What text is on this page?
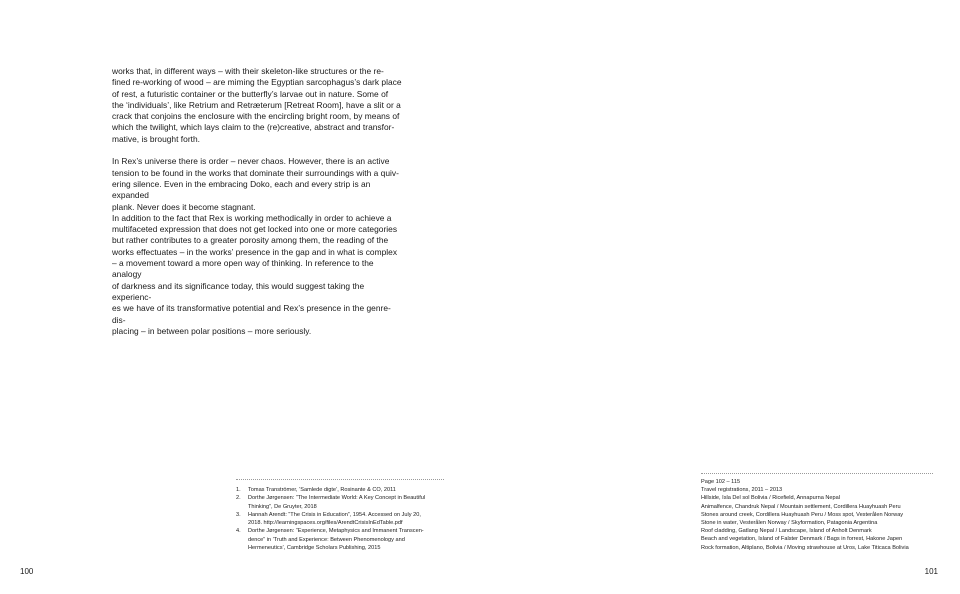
works that, in different ways – with their skeleton-like structures or the re-
fined re-working of wood – are miming the Egyptian sarcophagus’s dark place
of rest, a futuristic container or the butterfly’s larvae out in nature. Some of
the ‘individuals’, like Retrium and Retræterum [Retreat Room], have a slit or a
crack that conjoins the enclosure with the encircling bright room, by means of
which the twilight, which lays claim to the (re)creative, abstract and transfor-
mative, is brought forth.

In Rex’s universe there is order – never chaos. However, there is an active
tension to be found in the works that dominate their surroundings with a quiv-
ering silence. Even in the embracing Doko, each and every strip is an expanded
plank. Never does it become stagnant.

In addition to the fact that Rex is working methodically in order to achieve a
multifaceted expression that does not get locked into one or more categories
but rather contributes to a greater porosity among them, the reading of the
works effectuates – in the works’ presence in the gap and in what is complex
– a movement toward a more open way of thinking. In reference to the analogy
of darkness and its significance today, this would suggest taking the experienc-
es we have of its transformative potential and Rex’s presence in the genre-dis-
placing – in between polar positions – more seriously.

1.	Tomas Tranströmer, ‘Samlede digte’, Rosinante & CO, 2011
2.	Dorthe Jørgensen: “The Intermediate World: A Key Concept in Beautiful
Thinking”, De Gruyter, 2018
3.	Hannah Arendt: “The Crisis in Education”, 1954. Accessed on July 20,
2018. http://learningspaces.org/files/ArendtCrisisInEdTable.pdf
4.	Dorthe Jørgensen: “Experience, Metaphysics and Immanent Transcen-
dence” in ‘Truth and Experience: Between Phenomenology and
Hermeneutics’, Cambridge Scholars Publishing, 2015
100
Page 102 – 115
Travel registrations, 2011 – 2013
Hillside, Isla Del sol Bolivia / Ricefield, Annapurna Nepal
Animalfence, Chandruk Nepal / Mountain settlement, Cordillera Huayhuash Peru
Stones around creek, Cordillera Huayhuash Peru / Moss spot, Vesterålen Norway
Stone in water, Vesterålen Norway / Skyformation, Patagonia Argentina
Roof cladding, Gatlang Nepal / Landscape, Island of Anholt Denmark
Beach and vegetation, Island of Falster Denmark / Bags in forrest, Hakone Japen
Rock formation, Altiplano, Bolivia / Moving strawhouse at Uros, Lake Titicaca Bolivia
101
